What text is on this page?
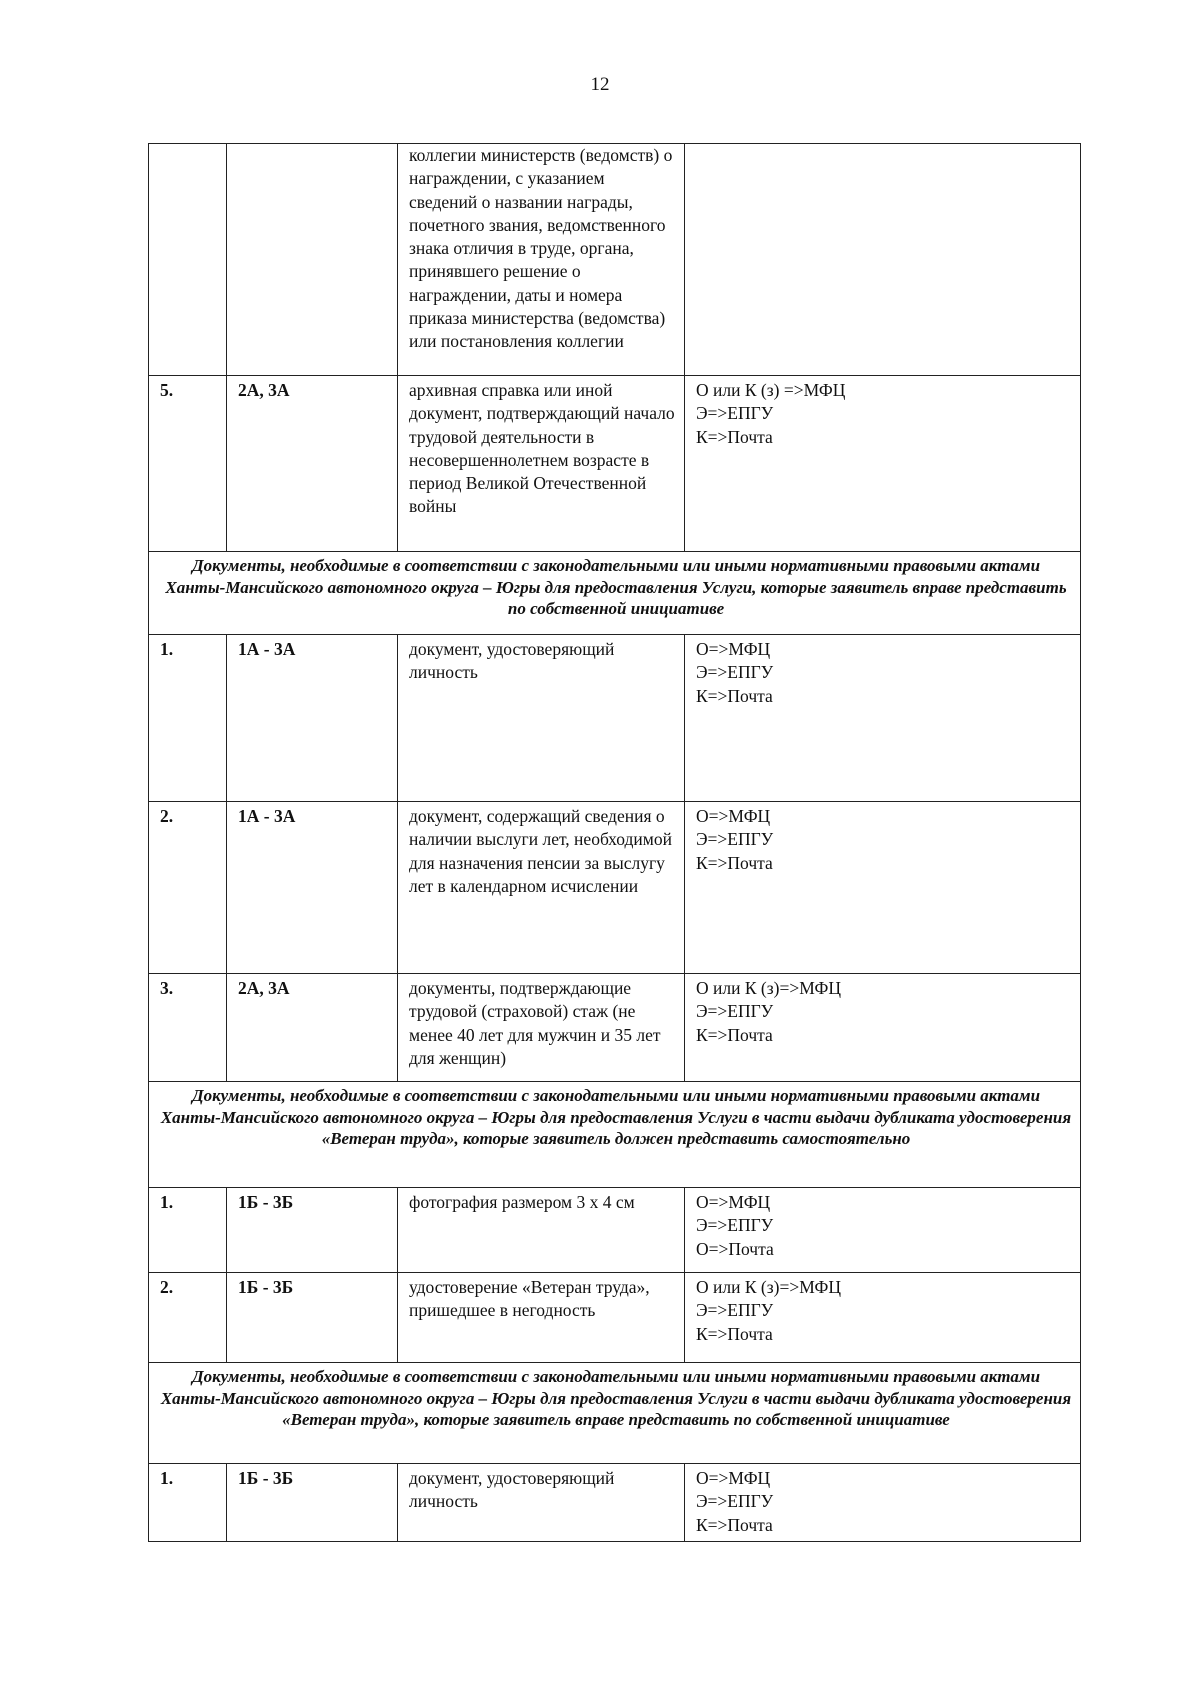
12
		коллегии министерств (ведомств) о награждении, с указанием сведений о названии награды, почетного звания, ведомственного знака отличия в труде, органа, принявшего решение о награждении, даты и номера приказа министерства (ведомства) или постановления коллегии	
5.	2А, 3А	архивная справка или иной документ, подтверждающий начало трудовой деятельности в несовершеннолетнем возрасте в период Великой Отечественной войны	О или К (з) =>МФЦ
Э=>ЕПГУ
К=>Почта

Документы, необходимые в соответствии с законодательными или иными нормативными правовыми актами Ханты-Мансийского автономного округа – Югры для предоставления Услуги, которые заявитель вправе представить по собственной инициативе			
1.	1А - 3А	документ, удостоверяющий личность	О=>МФЦ
Э=>ЕПГУ
К=>Почта

2.	1А - 3А	документ, содержащий сведения о наличии выслуги лет, необходимой для назначения пенсии за выслугу лет в календарном исчислении	О=>МФЦ
Э=>ЕПГУ
К=>Почта

3.	2А, 3А	документы, подтверждающие трудовой (страховой) стаж (не менее 40 лет для мужчин и 35 лет для женщин)	О или К (з)=>МФЦ
Э=>ЕПГУ
К=>Почта

Документы, необходимые в соответствии с законодательными или иными нормативными правовыми актами Ханты-Мансийского автономного округа – Югры для предоставления Услуги в части выдачи дубликата удостоверения «Ветеран труда», которые заявитель должен представить самостоятельно			
1.	1Б - 3Б	фотография размером 3 х 4 см	О=>МФЦ
Э=>ЕПГУ
О=>Почта

2.	1Б - 3Б	удостоверение «Ветеран труда», пришедшее в негодность	О или К (з)=>МФЦ
Э=>ЕПГУ
К=>Почта

Документы, необходимые в соответствии с законодательными или иными нормативными правовыми актами Ханты-Мансийского автономного округа – Югры для предоставления Услуги в части выдачи дубликата удостоверения «Ветеран труда», которые заявитель вправе представить по собственной инициативе			
1.	1Б - 3Б	документ, удостоверяющий личность	О=>МФЦ
Э=>ЕПГУ
К=>Почта
